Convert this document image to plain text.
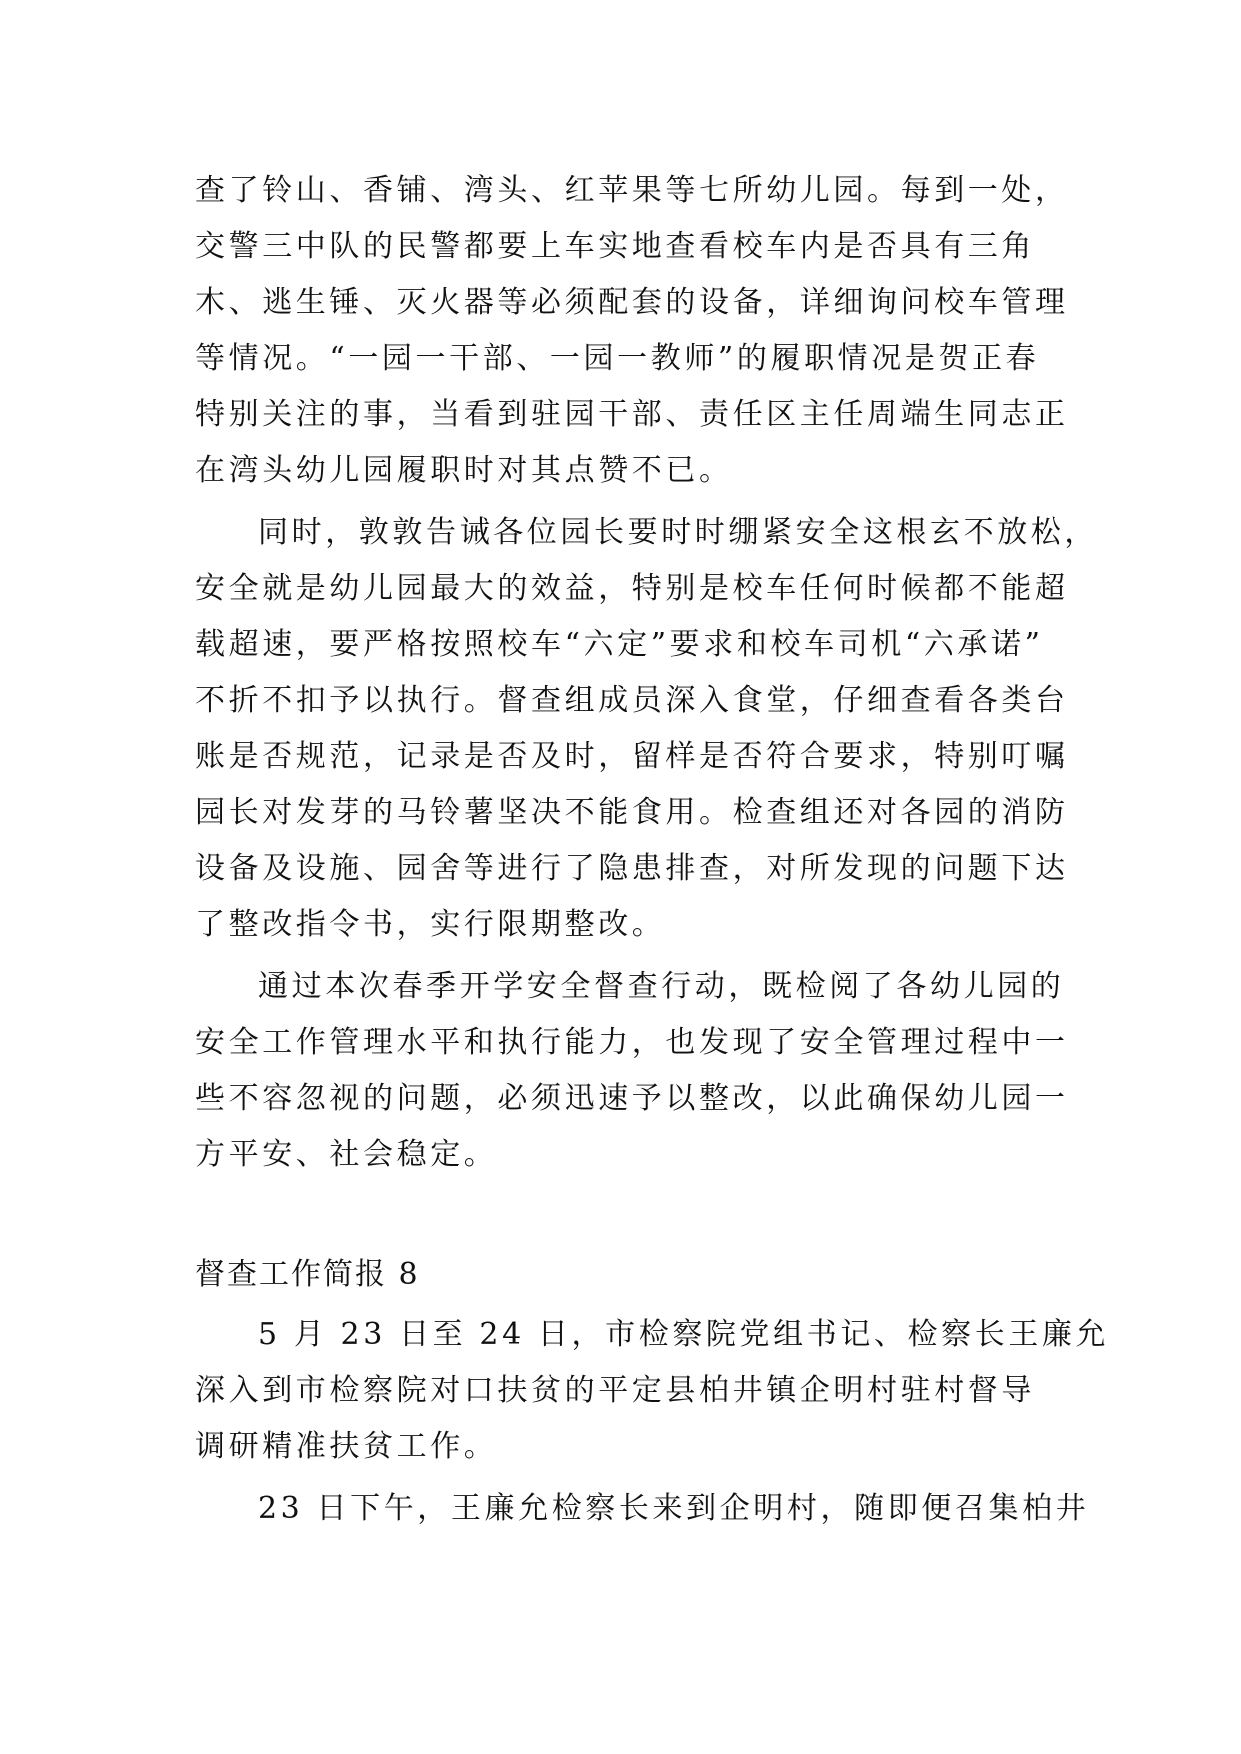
查了铃山、香铺、湾头、红苹果等七所幼儿园。每到一处，
交警三中队的民警都要上车实地查看校车内是否具有三角
木、逃生锤、灭火器等必须配套的设备，详细询问校车管理
等情况。“一园一干部、一园一教师”的履职情况是贺正春
特别关注的事，当看到驻园干部、责任区主任周端生同志正
在湾头幼儿园履职时对其点赞不已。
同时，敦敦告诫各位园长要时时绷紧安全这根玄不放松，
安全就是幼儿园最大的效益，特别是校车任何时候都不能超
载超速，要严格按照校车“六定”要求和校车司机“六承诺”
不折不扣予以执行。督查组成员深入食堂，仔细查看各类台
账是否规范，记录是否及时，留样是否符合要求，特别叮嘱
园长对发芽的马铃薯坚决不能食用。检查组还对各园的消防
设备及设施、园舍等进行了隐患排查，对所发现的问题下达
了整改指令书，实行限期整改。
通过本次春季开学安全督查行动，既检阅了各幼儿园的
安全工作管理水平和执行能力，也发现了安全管理过程中一
些不容忽视的问题，必须迅速予以整改，以此确保幼儿园一
方平安、社会稳定。
督查工作简报 8
5 月 23 日至 24 日，市检察院党组书记、检察长王廉允
深入到市检察院对口扶贫的平定县柏井镇企明村驻村督导
调研精准扶贫工作。
23 日下午，王廉允检察长来到企明村，随即便召集柏井
